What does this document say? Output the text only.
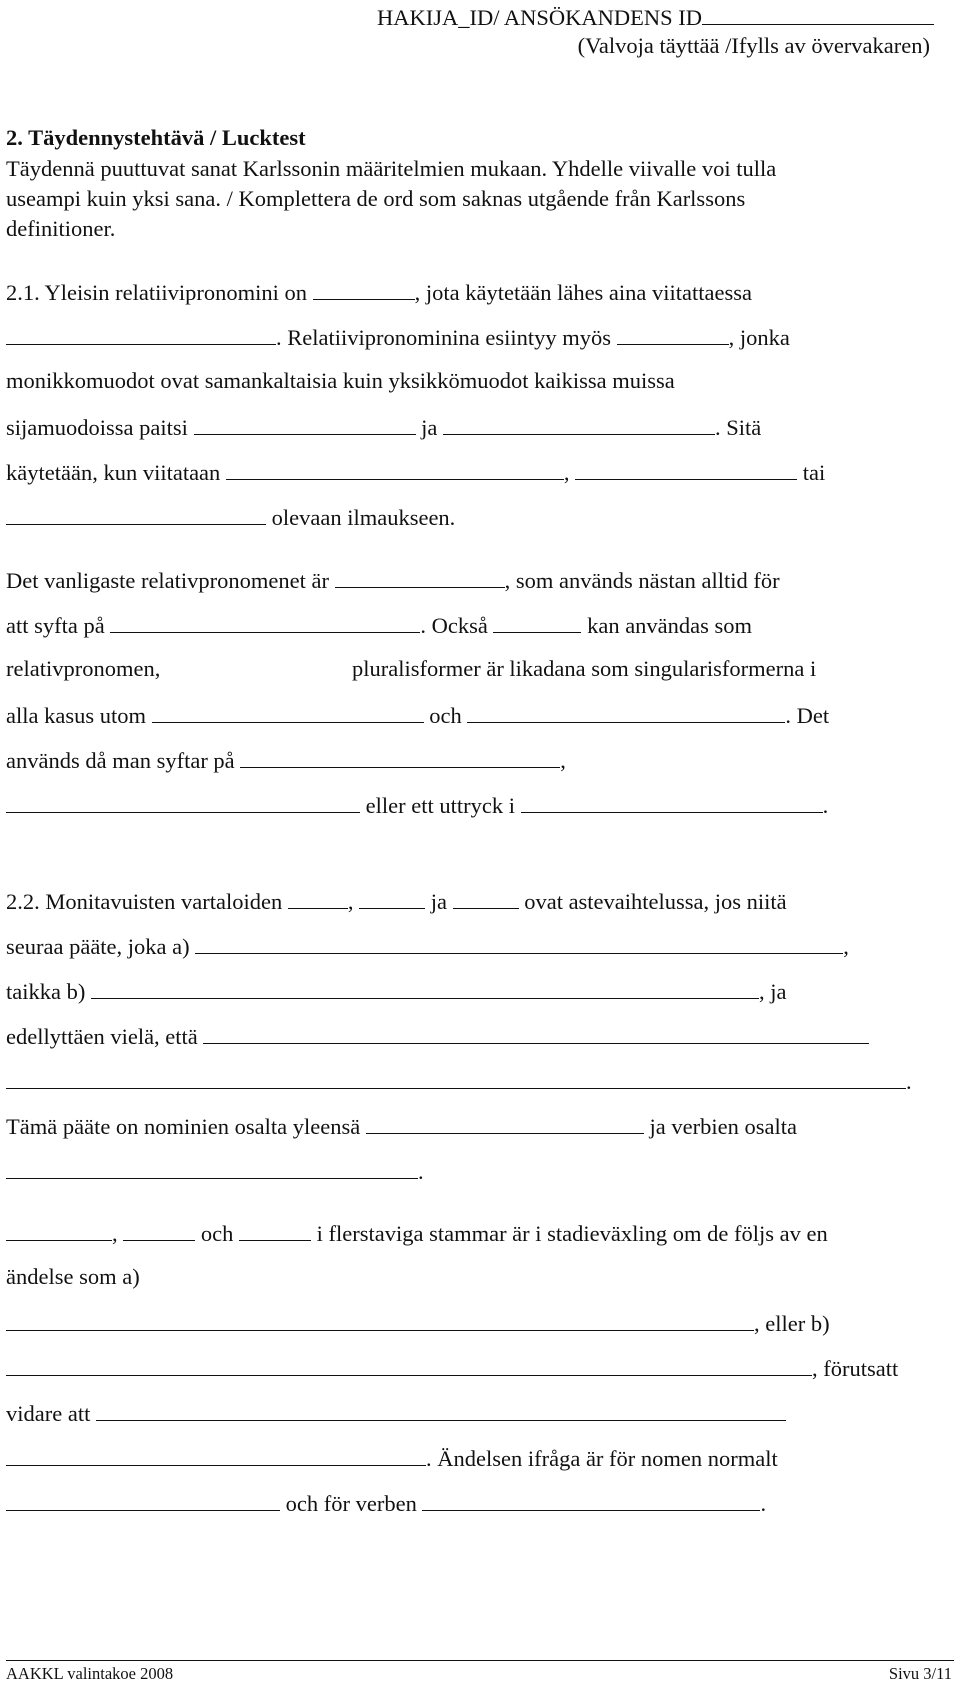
HAKIJA_ID/ ANSÖKANDENS ID
(Valvoja täyttää /Ifylls av övervakaren)
2. Täydennystehtävä / Lucktest
Täydennä puuttuvat sanat Karlssonin määritelmien mukaan. Yhdelle viivalle voi tulla
useampi kuin yksi sana. / Komplettera de ord som saknas utgående från Karlssons
definitioner.
2.1. Yleisin relatiivipronomini on	, jota käytetään lähes aina viitattaessa
. Relatiivipronominina esiintyy myös	, jonka
monikkomuodot ovat samankaltaisia kuin yksikkömuodot kaikissa muissa
sijamuodoissa paitsi	ja	. Sitä
käytetään, kun viitataan	,	tai
olevaan ilmaukseen.
Det vanligaste relativpronomenet är	, som används nästan alltid för
att syfta på	. Också	kan användas som
relativpronomen,	pluralisformer är likadana som singularisformerna i
alla kasus utom	och	. Det
används då man syftar på	,
eller ett uttryck i	.
2.2. Monitavuisten vartaloiden	,	ja	ovat astevaihtelussa, jos niitä
seuraa pääte, joka a)	,
taikka b)	, ja
edellyttäen vielä, että
.
Tämä pääte on nominien osalta yleensä	ja verbien osalta
.
,	och	i flerstaviga stammar är i stadieväxling om de följs av en
ändelse som a)
, eller b)
, förutsatt
vidare att
. Ändelsen ifråga är för nomen normalt
och för verben	.
AAKKL valintakoe 2008	Sivu 3/11
